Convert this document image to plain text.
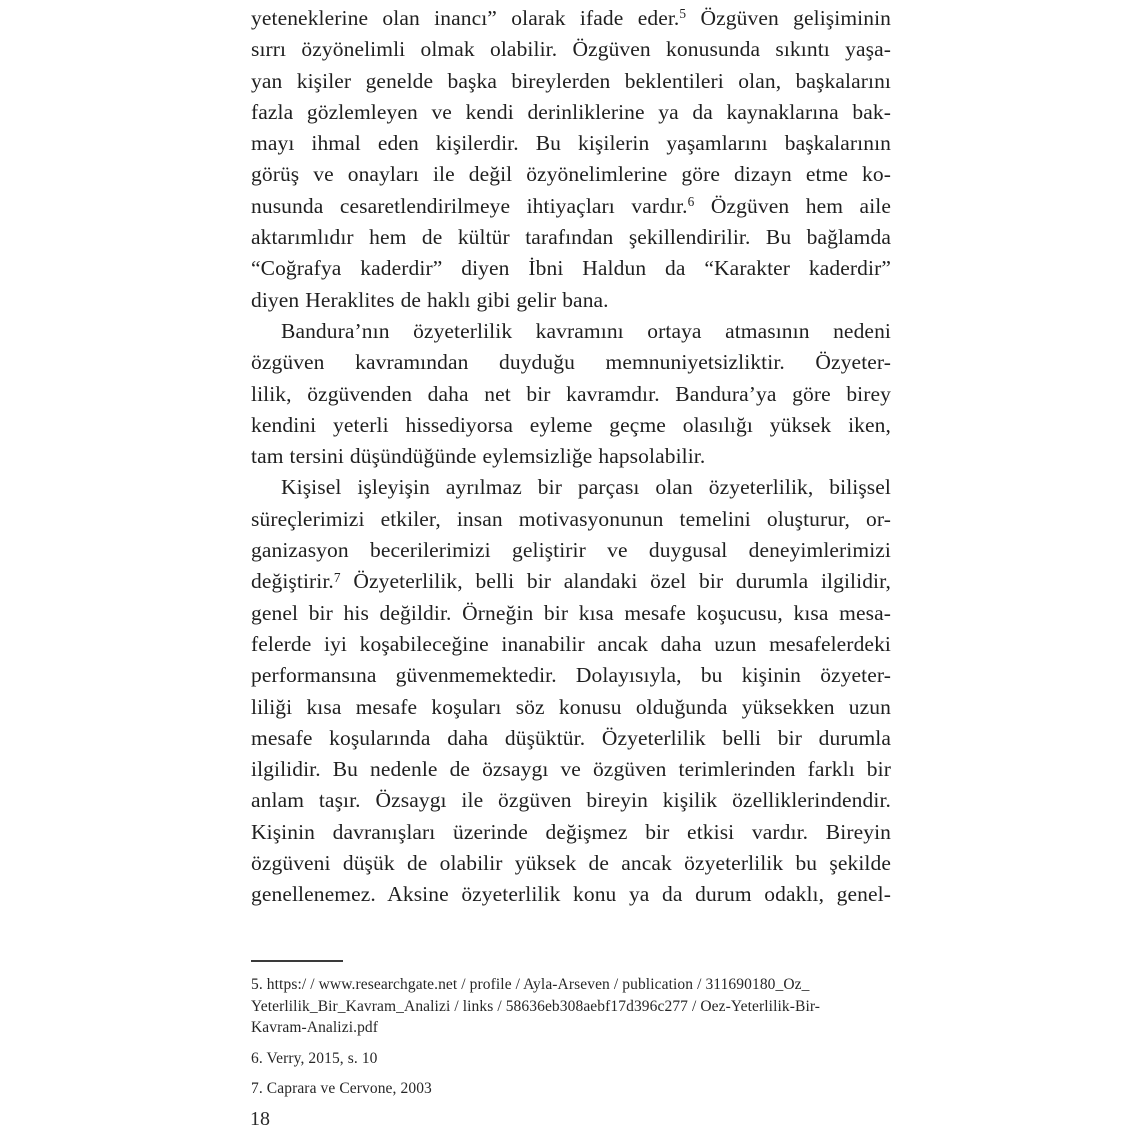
yeteneklerine olan inancı” olarak ifade eder.$^5$ Özgüven gelişiminin
sırrı özyönelimli olmak olabilir. Özgüven konusunda sıkıntı yaşa-
yan kişiler genelde başka bireylerden beklentileri olan, başkalarını
fazla gözlemleyen ve kendi derinliklerine ya da kaynaklarına bak-
mayı ihmal eden kişilerdir. Bu kişilerin yaşamlarını başkalarının
görüş ve onayları ile değil özyönelimlerine göre dizayn etme ko-
nusunda cesaretlendirilmeye ihtiyaçları vardır.$^6$ Özgüven hem aile
aktarımlıdır hem de kültür tarafından şekillendirilir. Bu bağlamda
“Coğrafya kaderdir” diyen İbni Haldun da “Karakter kaderdir”
diyen Heraklites de haklı gibi gelir bana.
Bandura’nın özyeterlilik kavramını ortaya atmasının nedeni
özgüven kavramından duyduğu memnuniyetsizliktir. Özyeter-
lilik, özgüvenden daha net bir kavramdır. Bandura’ya göre birey
kendini yeterli hissediyorsa eyleme geçme olasılığı yüksek iken,
tam tersini düşündüğünde eylemsizliğe hapsolabilir.
Kişisel işleyişin ayrılmaz bir parçası olan özyeterlilik, bilişsel
süreçlerimizi etkiler, insan motivasyonunun temelini oluşturur, or-
ganizasyon becerilerimizi geliştirir ve duygusal deneyimlerimizi
değiştirir.$^7$ Özyeterlilik, belli bir alandaki özel bir durumla ilgilidir,
genel bir his değildir. Örneğin bir kısa mesafe koşucusu, kısa mesa-
felerde iyi koşabileceğine inanabilir ancak daha uzun mesafelerdeki
performansına güvenmemektedir. Dolayısıyla, bu kişinin özyeter-
liliği kısa mesafe koşuları söz konusu olduğunda yüksekken uzun
mesafe koşularında daha düşüktür. Özyeterlilik belli bir durumla
ilgilidir. Bu nedenle de özsaygı ve özgüven terimlerinden farklı bir
anlam taşır. Özsaygı ile özgüven bireyin kişilik özelliklerindendir.
Kişinin davranışları üzerinde değişmez bir etkisi vardır. Bireyin
özgüveni düşük de olabilir yüksek de ancak özyeterlilik bu şekilde
genellenemez. Aksine özyeterlilik konu ya da durum odaklı, genel-
5. https:/ / www.researchgate.net / profile / Ayla-Arseven / publication / 311690180_Oz_
Yeterlilik_Bir_Kavram_Analizi / links / 58636eb308aebf17d396c277 / Oez-Yeterlilik-Bir-
Kavram-Analizi.pdf
6. Verry, 2015, s. 10
7. Caprara ve Cervone, 2003
18
